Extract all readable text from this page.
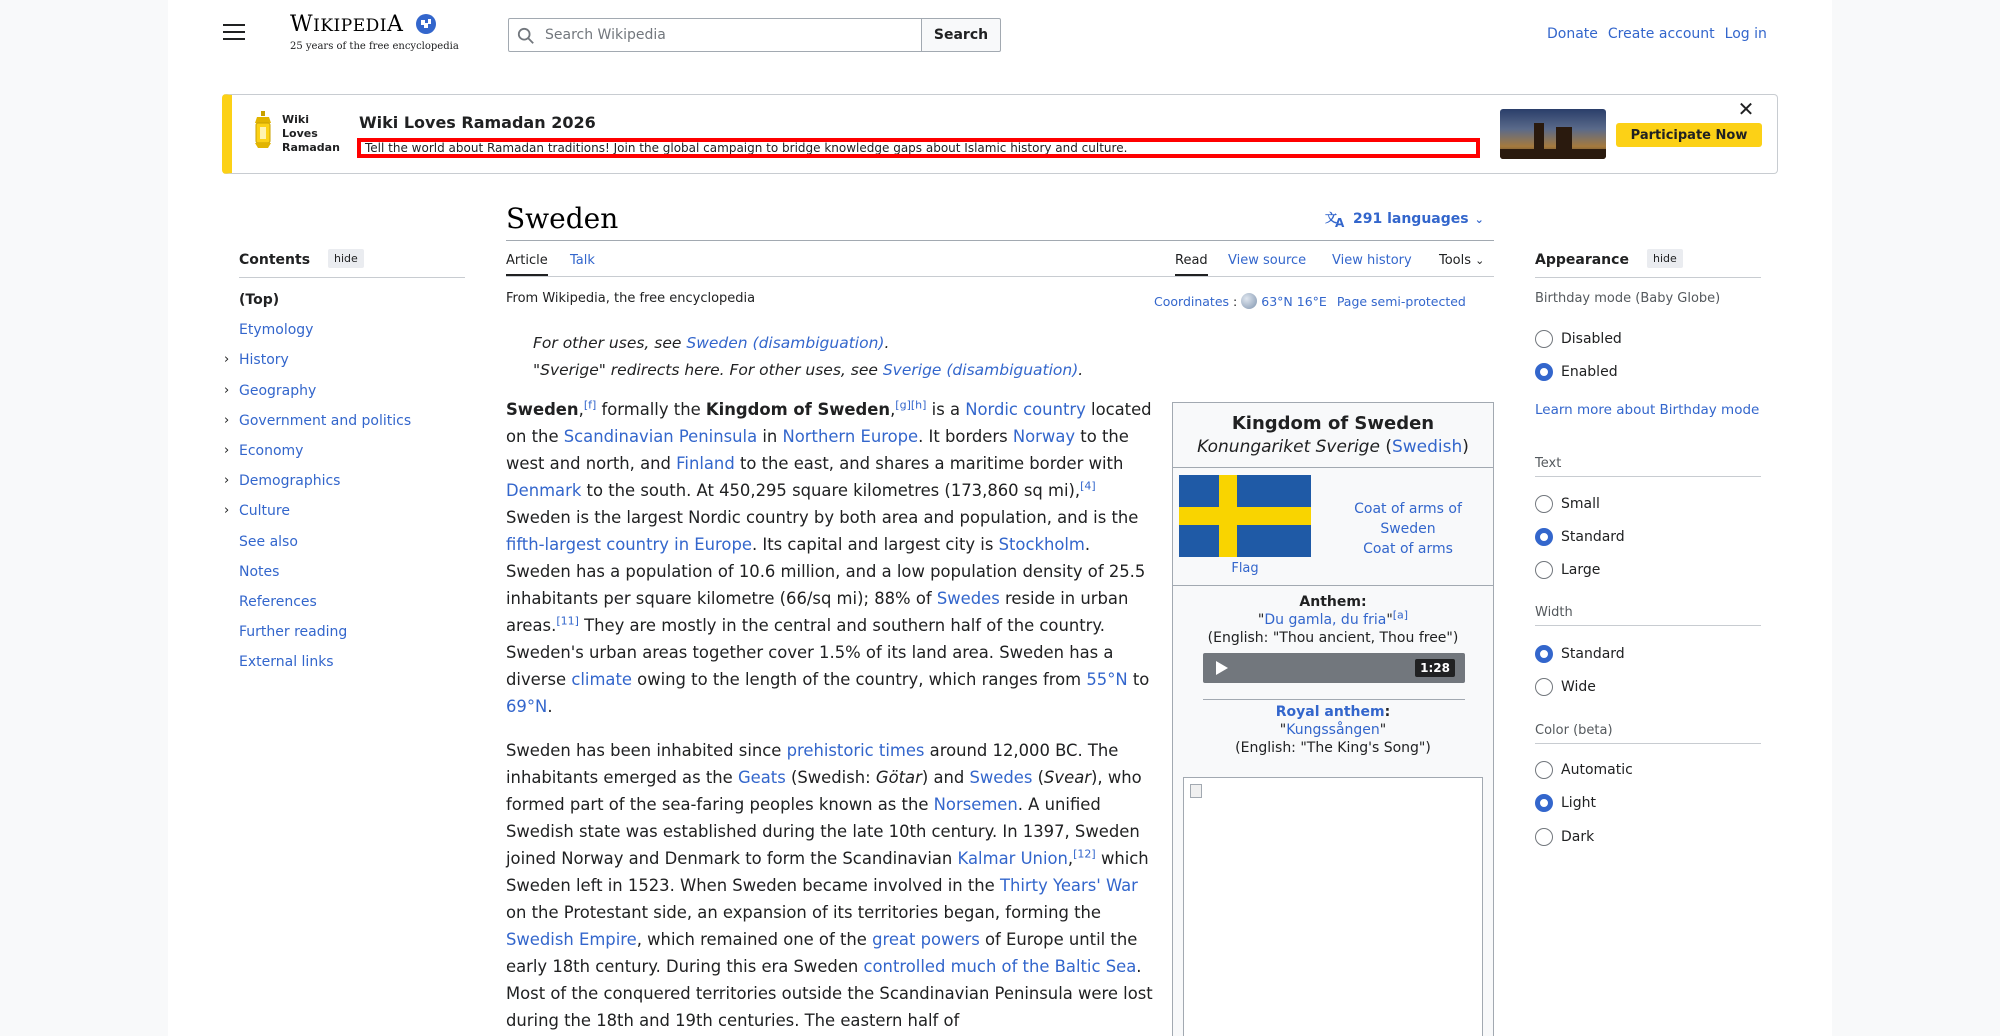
WIKIPEDIA
25 years of the free encyclopedia
Search Wikipedia
Search	Donate Create account Log in
Wiki
Loves
Ramadan
Wiki Loves Ramadan 2026
Tell the world about Ramadan traditions! Join the global campaign to bridge knowledge gaps about Islamic history and culture.
Participate Now
✕
Contents	hide
(Top)
Etymology
› History
› Geography
› Government and politics
› Economy
› Demographics
› Culture
See also
Notes
References
Further reading
External links
Sweden	文
A 291 languages ⌄
Article Talk	Read View source View history Tools ⌄
From Wikipedia, the free encyclopedia	Coordinates : 63°N 16°E Page semi-protected
For other uses, see Sweden (disambiguation).
"Sverige" redirects here. For other uses, see Sverige (disambiguation).

Sweden,[f] formally the Kingdom of Sweden,[g][h] is a Nordic country located on the Scandinavian Peninsula in Northern Europe. It borders Norway to the west and north, and Finland to the east, and shares a maritime border with Denmark to the south. At 450,295 square kilometres (173,860 sq mi),[4] Sweden is the largest Nordic country by both area and population, and is the fifth-largest country in Europe. Its capital and largest city is Stockholm. Sweden has a population of 10.6 million, and a low population density of 25.5 inhabitants per square kilometre (66/sq mi); 88% of Swedes reside in urban areas.[11] They are mostly in the central and southern half of the country. Sweden's urban areas together cover 1.5% of its land area. Sweden has a diverse climate owing to the length of the country, which ranges from 55°N to 69°N.

Sweden has been inhabited since prehistoric times around 12,000 BC. The inhabitants emerged as the Geats (Swedish: Götar) and Swedes (Svear), who formed part of the sea-faring peoples known as the Norsemen. A unified Swedish state was established during the late 10th century. In 1397, Sweden joined Norway and Denmark to form the Scandinavian Kalmar Union,[12] which Sweden left in 1523. When Sweden became involved in the Thirty Years' War on the Protestant side, an expansion of its territories began, forming the Swedish Empire, which remained one of the great powers of Europe until the early 18th century. During this era Sweden controlled much of the Baltic Sea. Most of the conquered territories outside the Scandinavian Peninsula were lost during the 18th and 19th centuries. The eastern half of

Kingdom of Sweden
Konungariket Sverige (Swedish)
Flag
Coat of arms of Sweden
Coat of arms
Anthem:
"Du gamla, du fria"[a]
(English: "Thou ancient, Thou free")
1:28
Royal anthem:
"Kungssången"
(English: "The King's Song")
Appearance	hide
Birthday mode (Baby Globe)
Disabled
Enabled
Learn more about Birthday mode
Text
Small
Standard
Large
Width
Standard
Wide
Color (beta)
Automatic
Light
Dark
